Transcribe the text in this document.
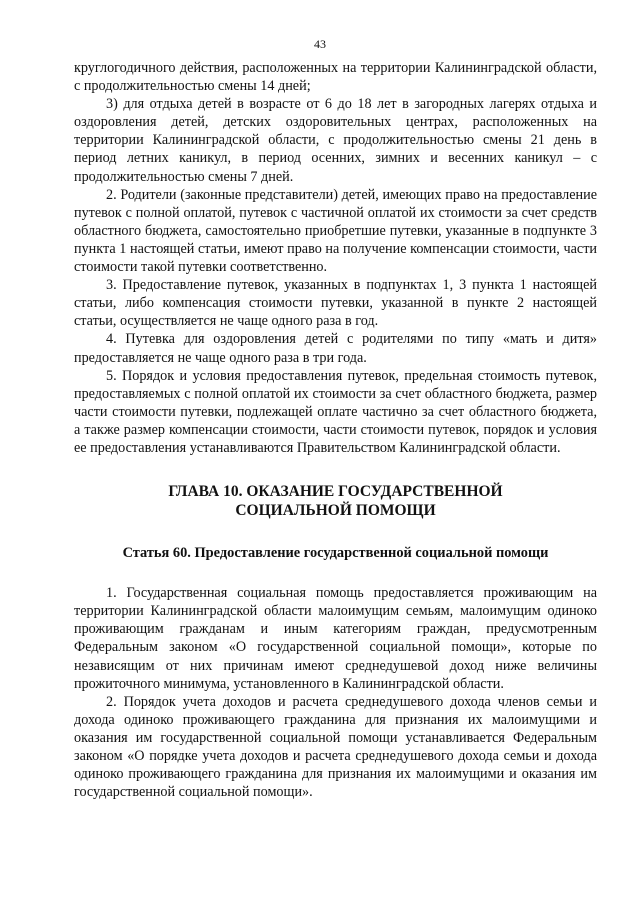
43

круглогодичного действия, расположенных на территории Калининградской области, с продолжительностью смены 14 дней;

3) для отдыха детей в возрасте от 6 до 18 лет в загородных лагерях отдыха и оздоровления детей, детских оздоровительных центрах, расположенных на территории Калининградской области, с продолжительностью смены 21 день в период летних каникул, в период осенних, зимних и весенних каникул – с продолжительностью смены 7 дней.

2. Родители (законные представители) детей, имеющих право на предоставление путевок с полной оплатой, путевок с частичной оплатой их стоимости за счет средств областного бюджета, самостоятельно приобретшие путевки, указанные в подпункте 3 пункта 1 настоящей статьи, имеют право на получение компенсации стоимости, части стоимости такой путевки соответственно.

3. Предоставление путевок, указанных в подпунктах 1, 3 пункта 1 настоящей статьи, либо компенсация стоимости путевки, указанной в пункте 2 настоящей статьи, осуществляется не чаще одного раза в год.

4. Путевка для оздоровления детей с родителями по типу «мать и дитя» предоставляется не чаще одного раза в три года.

5. Порядок и условия предоставления путевок, предельная стоимость путевок, предоставляемых с полной оплатой их стоимости за счет областного бюджета, размер части стоимости путевки, подлежащей оплате частично за счет областного бюджета, а также размер компенсации стоимости, части стоимости путевок, порядок и условия ее предоставления устанавливаются Правительством Калининградской области.

ГЛАВА 10. ОКАЗАНИЕ ГОСУДАРСТВЕННОЙ СОЦИАЛЬНОЙ ПОМОЩИ

Статья 60. Предоставление государственной социальной помощи

1. Государственная социальная помощь предоставляется проживающим на территории Калининградской области малоимущим семьям, малоимущим одиноко проживающим гражданам и иным категориям граждан, предусмотренным Федеральным законом «О государственной социальной помощи», которые по независящим от них причинам имеют среднедушевой доход ниже величины прожиточного минимума, установленного в Калининградской области.

2. Порядок учета доходов и расчета среднедушевого дохода членов семьи и дохода одиноко проживающего гражданина для признания их малоимущими и оказания им государственной социальной помощи устанавливается Федеральным законом «О порядке учета доходов и расчета среднедушевого дохода семьи и дохода одиноко проживающего гражданина для признания их малоимущими и оказания им государственной социальной помощи».
